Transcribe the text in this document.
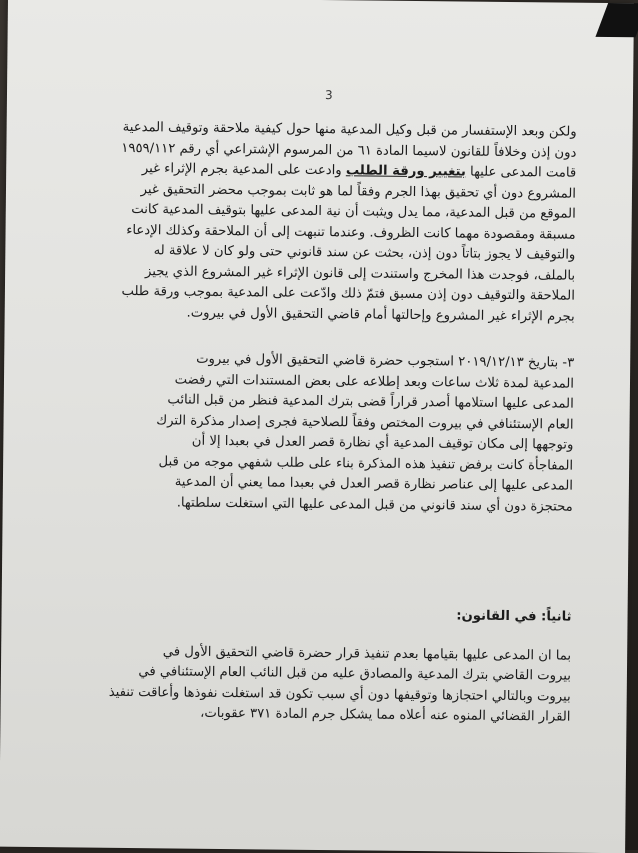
3
ولكن وبعد الإستفسار من قبل وكيل المدعية منها حول كيفية ملاحقة وتوقيف المدعية
دون إذن وخلافاً للقانون لاسيما المادة ٦١ من المرسوم الإشتراعي أي رقم ١٩٥٩/١١٢
قامت المدعى عليها بتغيير ورقة الطلب وادعت على المدعية بجرم الإثراء غير
المشروع دون أي تحقيق بهذا الجرم وفقاً لما هو ثابت بموجب محضر التحقيق غير
الموقع من قبل المدعية، مما يدل ويثبت أن نية المدعى عليها بتوقيف المدعية كانت
مسبقة ومقصودة مهما كانت الظروف. وعندما تنبهت إلى أن الملاحقة وكذلك الإدعاء
والتوقيف لا يجوز بتاتاً دون إذن، بحثت عن سند قانوني حتى ولو كان لا علاقة له
بالملف، فوجدت هذا المخرج واستندت إلى قانون الإثراء غير المشروع الذي يجيز
الملاحقة والتوقيف دون إذن مسبق فتمّ ذلك وادّعت على المدعية بموجب ورقة طلب
بجرم الإثراء غير المشروع وإحالتها أمام قاضي التحقيق الأول في بيروت.
٣- بتاريخ ٢٠١٩/١٢/١٣ استجوب حضرة قاضي التحقيق الأول في بيروت
المدعية لمدة ثلاث ساعات وبعد إطلاعه على بعض المستندات التي رفضت
المدعى عليها استلامها أصدر قراراً قضى بترك المدعية فنظر من قبل النائب
العام الإستئنافي في بيروت المختص وفقاً للصلاحية فجرى إصدار مذكرة الترك
وتوجهها إلى مكان توقيف المدعية أي نظارة قصر العدل في بعبدا إلا أن
المفاجأة كانت برفض تنفيذ هذه المذكرة بناء على طلب شفهي موجه من قبل
المدعى عليها إلى عناصر نظارة قصر العدل في بعبدا مما يعني أن المدعية
محتجزة دون أي سند قانوني من قبل المدعى عليها التي استغلت سلطتها.
ثانياً: في القانون:
بما ان المدعى عليها بقيامها بعدم تنفيذ قرار حضرة قاضي التحقيق الأول في
بيروت القاضي بترك المدعية والمصادق عليه من قبل النائب العام الإستئنافي في
بيروت وبالتالي احتجازها وتوقيفها دون أي سبب تكون قد استغلت نفوذها وأعاقت تنفيذ
القرار القضائي المنوه عنه أعلاه مما يشكل جرم المادة ٣٧١ عقوبات،
